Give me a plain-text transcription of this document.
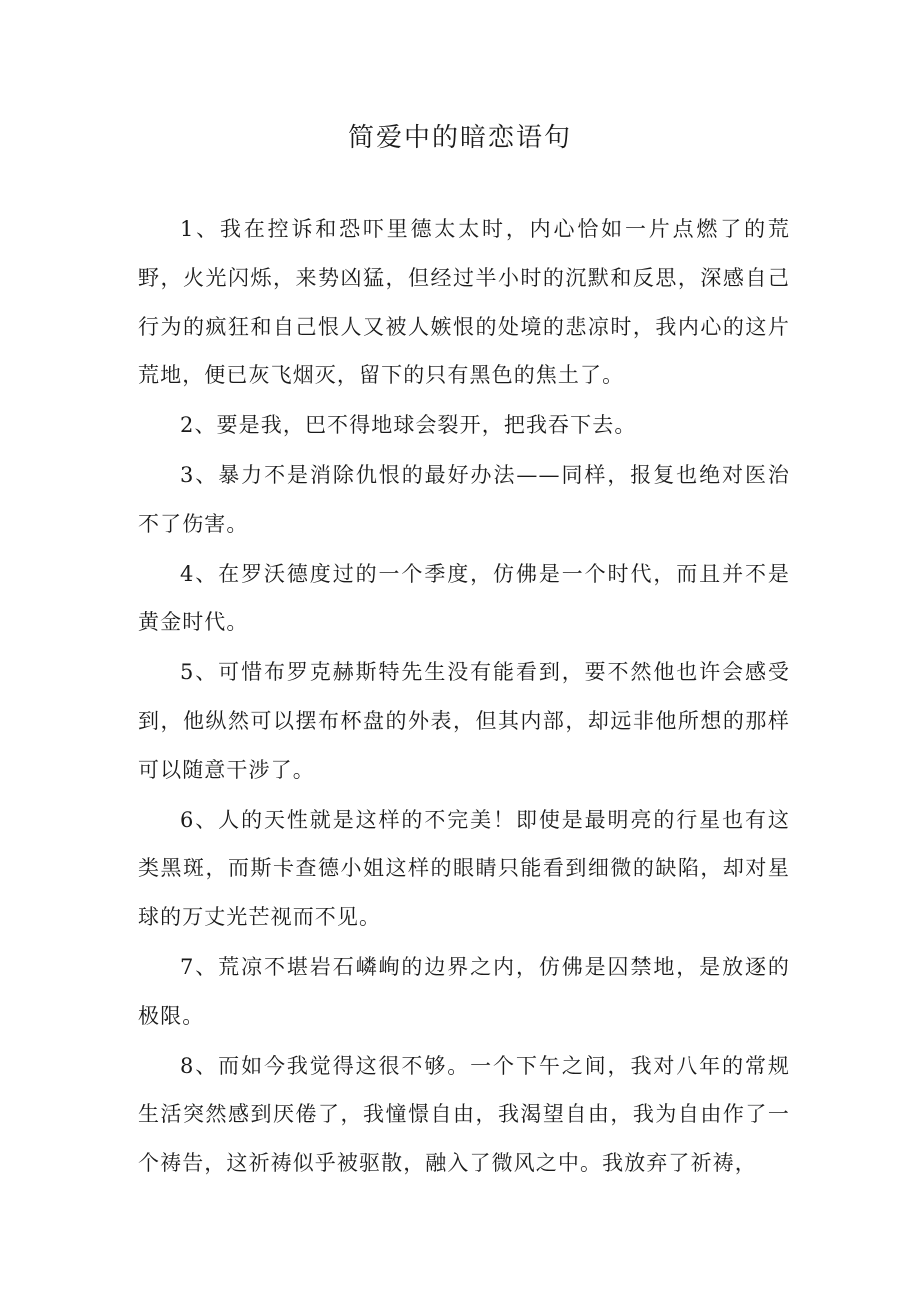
简爱中的暗恋语句

1、我在控诉和恐吓里德太太时，内心恰如一片点燃了的荒野，火光闪烁，来势凶猛，但经过半小时的沉默和反思，深感自己行为的疯狂和自己恨人又被人嫉恨的处境的悲凉时，我内心的这片荒地，便已灰飞烟灭，留下的只有黑色的焦土了。

2、要是我，巴不得地球会裂开，把我吞下去。

3、暴力不是消除仇恨的最好办法——同样，报复也绝对医治不了伤害。

4、在罗沃德度过的一个季度，仿佛是一个时代，而且并不是黄金时代。

5、可惜布罗克赫斯特先生没有能看到，要不然他也许会感受到，他纵然可以摆布杯盘的外表，但其内部，却远非他所想的那样可以随意干涉了。

6、人的天性就是这样的不完美！即使是最明亮的行星也有这类黑斑，而斯卡查德小姐这样的眼睛只能看到细微的缺陷，却对星球的万丈光芒视而不见。

7、荒凉不堪岩石嶙峋的边界之内，仿佛是囚禁地，是放逐的极限。

8、而如今我觉得这很不够。一个下午之间，我对八年的常规生活突然感到厌倦了，我憧憬自由，我渴望自由，我为自由作了一个祷告，这祈祷似乎被驱散，融入了微风之中。我放弃了祈祷，
